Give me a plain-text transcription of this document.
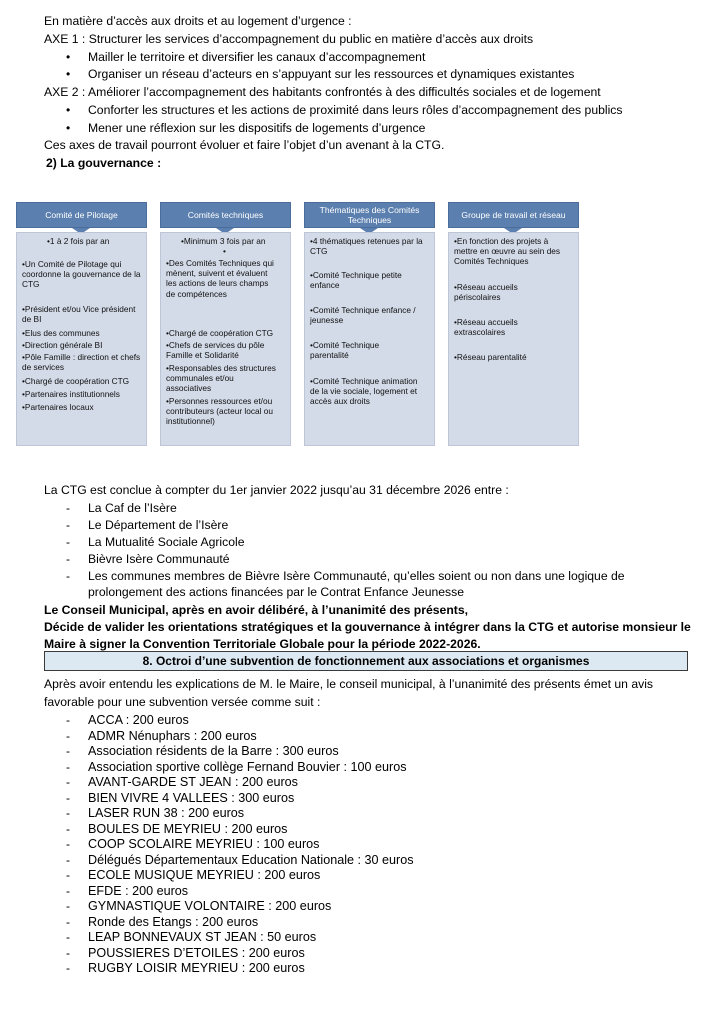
En matière d’accès aux droits et au logement d’urgence :
AXE 1 : Structurer les services d’accompagnement du public en matière d’accès aux droits
• Mailler le territoire et diversifier les canaux d’accompagnement
• Organiser un réseau d’acteurs en s’appuyant sur les ressources et dynamiques existantes
AXE 2 : Améliorer l’accompagnement des habitants confrontés à des difficultés sociales et de logement
• Conforter les structures et les actions de proximité dans leurs rôles d’accompagnement des publics
• Mener une réflexion sur les dispositifs de logements d’urgence
Ces axes de travail pourront évoluer et faire l’objet d’un avenant à la CTG.
2) La gouvernance :
Comité de Pilotage
•1 à 2 fois par an
•Un Comité de Pilotage qui coordonne la gouvernance de la CTG
•Président et/ou Vice président de BI
•Elus des communes
•Direction générale BI
•Pôle Famille : direction et chefs de services
•Chargé de coopération CTG
•Partenaires institutionnels
•Partenaires locaux
Comités techniques
•Minimum 3 fois par an
•
•Des Comités Techniques qui mènent, suivent et évaluent les actions de leurs champs de compétences
•Chargé de coopération CTG
•Chefs de services du pôle Famille et Solidarité
•Responsables des structures communales et/ou associatives
•Personnes ressources et/ou contributeurs (acteur local ou institutionnel)
Thématiques des Comités Techniques
•4 thématiques retenues par la CTG
•Comité Technique petite enfance
•Comité Technique enfance / jeunesse
•Comité Technique parentalité
•Comité Technique animation de la vie sociale, logement et accès aux droits
Groupe de travail et réseau
•En fonction des projets à mettre en œuvre au sein des Comités Techniques
•Réseau accueils périscolaires
•Réseau accueils extrascolaires
•Réseau parentalité
La CTG est conclue à compter du 1er janvier 2022 jusqu’au 31 décembre 2026 entre :
- La Caf de l’Isère
- Le Département de l’Isère
- La Mutualité Sociale Agricole
- Bièvre Isère Communauté
- Les communes membres de Bièvre Isère Communauté, qu’elles soient ou non dans une logique de
prolongement des actions financées par le Contrat Enfance Jeunesse
Le Conseil Municipal, après en avoir délibéré, à l’unanimité des présents,
Décide de valider les orientations stratégiques et la gouvernance à intégrer dans la CTG et autorise monsieur le
Maire à signer la Convention Territoriale Globale pour la période 2022-2026.
8. Octroi d’une subvention de fonctionnement aux associations et organismes
Après avoir entendu les explications de M. le Maire, le conseil municipal, à l’unanimité des présents émet un avis
favorable pour une subvention versée comme suit :
- ACCA : 200 euros
- ADMR Nénuphars : 200 euros
- Association résidents de la Barre : 300 euros
- Association sportive collège Fernand Bouvier : 100 euros
- AVANT-GARDE ST JEAN : 200 euros
- BIEN VIVRE 4 VALLEES : 300 euros
- LASER RUN 38 : 200 euros
- BOULES DE MEYRIEU : 200 euros
- COOP SCOLAIRE MEYRIEU : 100 euros
- Délégués Départementaux Education Nationale : 30 euros
- ECOLE MUSIQUE MEYRIEU : 200 euros
- EFDE : 200 euros
- GYMNASTIQUE VOLONTAIRE : 200 euros
- Ronde des Etangs : 200 euros
- LEAP BONNEVAUX ST JEAN : 50 euros
- POUSSIERES D’ETOILES : 200 euros
- RUGBY LOISIR MEYRIEU : 200 euros
